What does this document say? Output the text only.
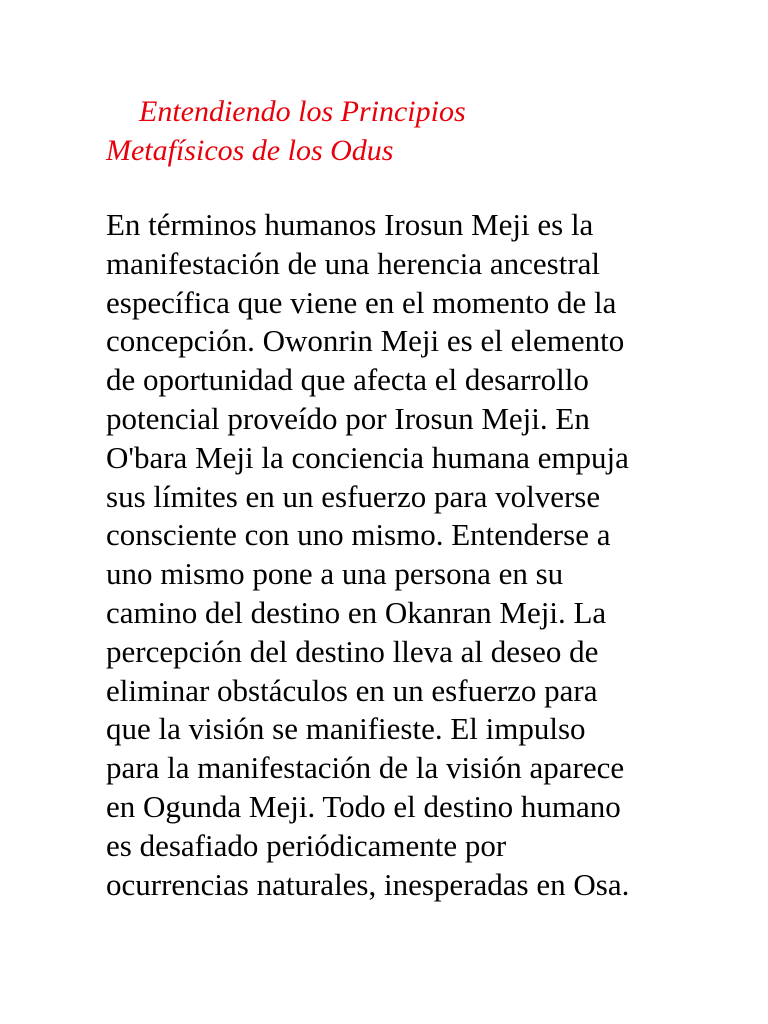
Entendiendo los Principios
Metafísicos de los Odus

En términos humanos Irosun Meji es la
manifestación de una herencia ancestral
específica que viene en el momento de la
concepción. Owonrin Meji es el elemento
de oportunidad que afecta el desarrollo
potencial proveído por Irosun Meji. En
O'bara Meji la conciencia humana empuja
sus límites en un esfuerzo para volverse
consciente con uno mismo. Entenderse a
uno mismo pone a una persona en su
camino del destino en Okanran Meji. La
percepción del destino lleva al deseo de
eliminar obstáculos en un esfuerzo para
que la visión se manifieste. El impulso
para la manifestación de la visión aparece
en Ogunda Meji. Todo el destino humano
es desafiado periódicamente por
ocurrencias naturales, inesperadas en Osa.
